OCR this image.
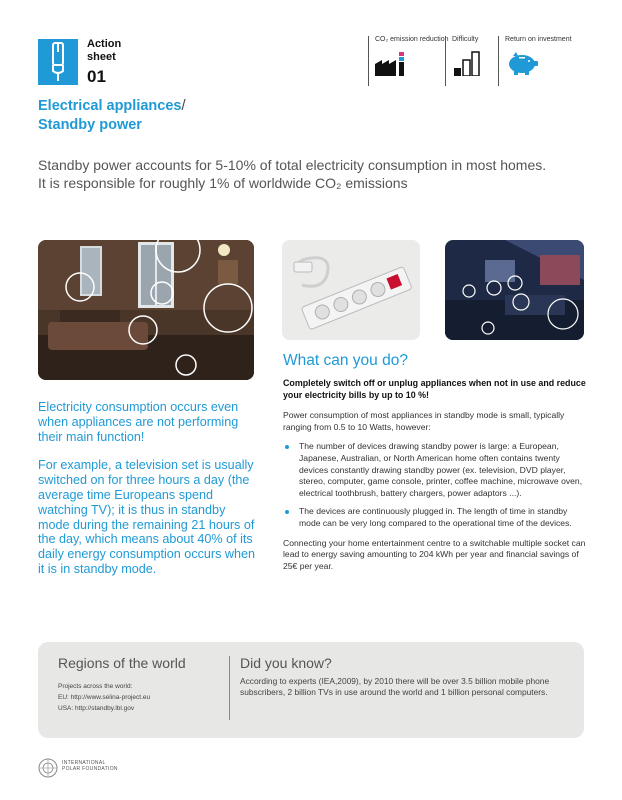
Action
sheet
01
Electrical appliances/
Standby power
CO₂ emission reduction Difficulty	Return on investment
Standby power accounts for 5-10% of total electricity consumption in most homes.
It is responsible for roughly 1% of worldwide CO₂ emissions

Electricity consumption occurs even when appliances are not performing their main function!

For example, a television set is usually switched on for three hours a day (the average time Europeans spend watching TV); it is thus in standby mode during the remaining 21 hours of the day, which means about 40% of its daily energy consumption occurs when it is in standby mode.

What can you do?
Completely switch off or unplug appliances when not in use and reduce your electricity bills by up to 10 %!

Power consumption of most appliances in standby mode is small, typically ranging from 0.5 to 10 Watts, however:

The number of devices drawing standby power is large: a European, Japanese, Australian, or North American home often contains twenty devices constantly drawing standby power (ex. television, DVD player, stereo, computer, game console, printer, coffee machine, microwave oven, electrical toothbrush, battery chargers, power adaptors ...).
The devices are continuously plugged in. The length of time in standby mode can be very long compared to the operational time of the devices.

Connecting your home entertainment centre to a switchable multiple socket can lead to energy saving amounting to 204 kWh per year and financial savings of 25€ per year.

Regions of the world
Projects across the world:
EU: http://www.selina-project.eu
USA: http://standby.lbl.gov
Did you know?
According to experts (IEA,2009), by 2010 there will be over 3.5 billion mobile phone subscribers, 2 billion TVs in use around the world and 1 billion personal computers.
INTERNATIONAL
POLAR FOUNDATION
